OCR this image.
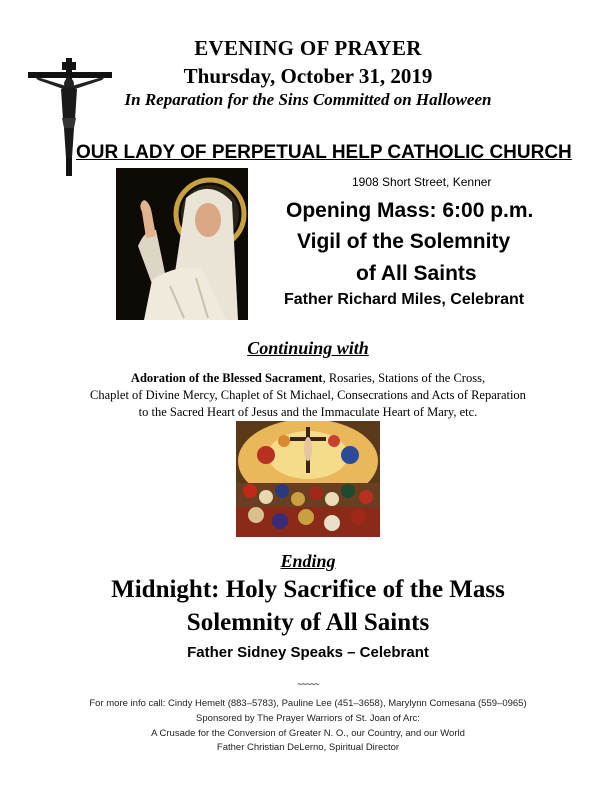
EVENING OF PRAYER
Thursday, October 31, 2019
In Reparation for the Sins Committed on Halloween
OUR LADY OF PERPETUAL HELP CATHOLIC CHURCH
1908 Short Street, Kenner
Opening Mass: 6:00 p.m.
Vigil of the Solemnity
of All Saints
Father Richard Miles, Celebrant
Continuing with
Adoration of the Blessed Sacrament, Rosaries, Stations of the Cross,
Chaplet of Divine Mercy, Chaplet of St Michael, Consecrations and Acts of Reparation
to the Sacred Heart of Jesus and the Immaculate Heart of Mary, etc.
Ending
Midnight: Holy Sacrifice of the Mass
Solemnity of All Saints
Father Sidney Speaks – Celebrant
~~~~~
For more info call: Cindy Hemelt (883–5783), Pauline Lee (451–3658), Marylynn Comesana (559–0965)
Sponsored by The Prayer Warriors of St. Joan of Arc:
A Crusade for the Conversion of Greater N. O., our Country, and our World
Father Christian DeLerno, Spiritual Director
